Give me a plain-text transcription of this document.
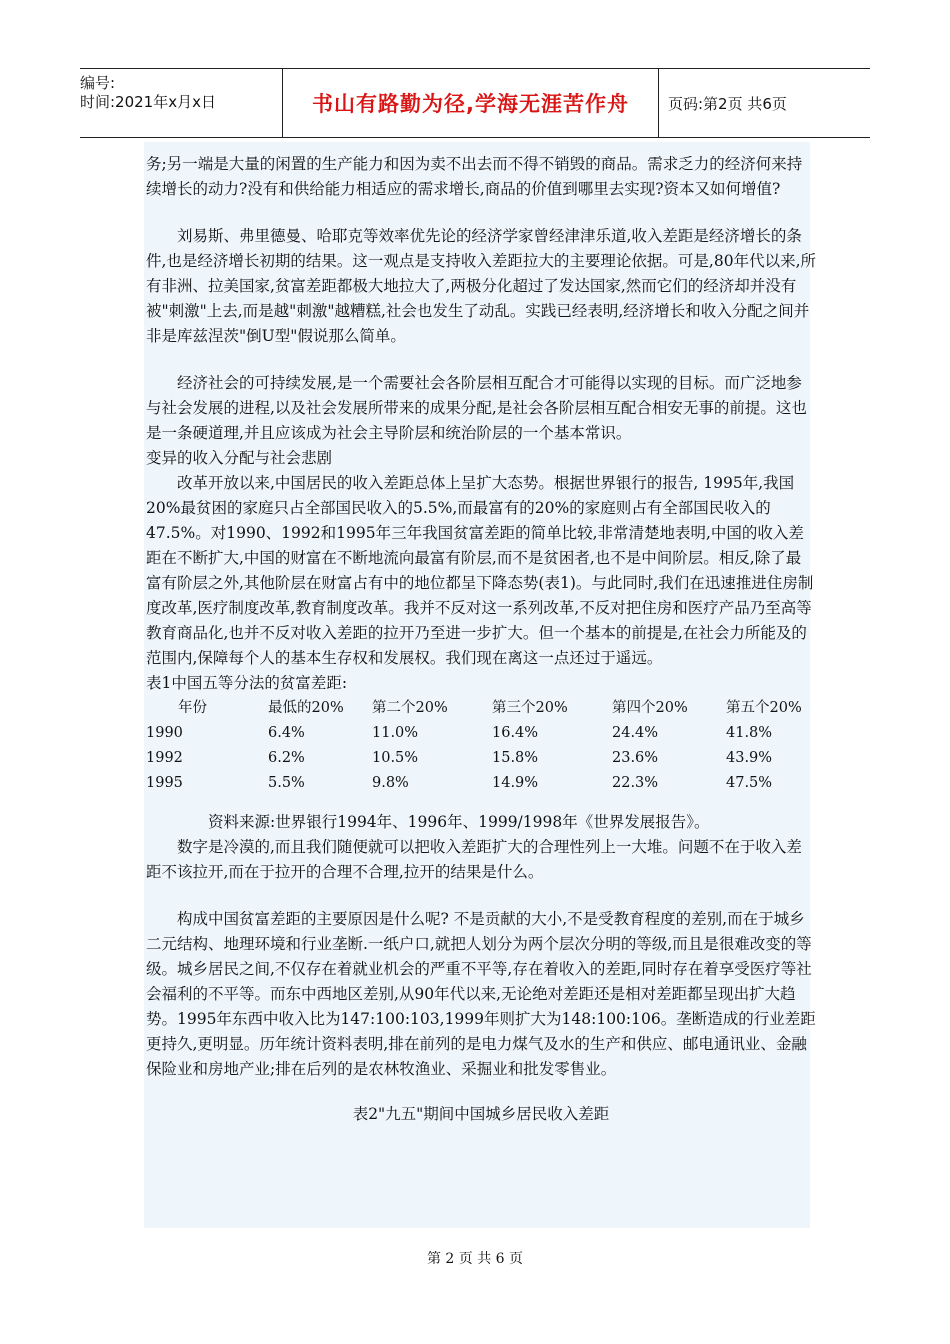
编号:
时间:2021年x月x日	书山有路勤为径,学海无涯苦作舟	页码:第2页 共6页

务;另一端是大量的闲置的生产能力和因为卖不出去而不得不销毁的商品。需求乏力的经济何来持续增长的动力?没有和供给能力相适应的需求增长,商品的价值到哪里去实现?资本又如何增值?

刘易斯、弗里德曼、哈耶克等效率优先论的经济学家曾经津津乐道,收入差距是经济增长的条件,也是经济增长初期的结果。这一观点是支持收入差距拉大的主要理论依据。可是,80年代以来,所有非洲、拉美国家,贫富差距都极大地拉大了,两极分化超过了发达国家,然而它们的经济却并没有被"刺激"上去,而是越"刺激"越糟糕,社会也发生了动乱。实践已经表明,经济增长和收入分配之间并非是库兹涅茨"倒U型"假说那么简单。

经济社会的可持续发展,是一个需要社会各阶层相互配合才可能得以实现的目标。而广泛地参与社会发展的进程,以及社会发展所带来的成果分配,是社会各阶层相互配合相安无事的前提。这也是一条硬道理,并且应该成为社会主导阶层和统治阶层的一个基本常识。

变异的收入分配与社会悲剧

改革开放以来,中国居民的收入差距总体上呈扩大态势。根据世界银行的报告, 1995年,我国20%最贫困的家庭只占全部国民收入的5.5%,而最富有的20%的家庭则占有全部国民收入的47.5%。对1990、1992和1995年三年我国贫富差距的简单比较,非常清楚地表明,中国的收入差距在不断扩大,中国的财富在不断地流向最富有阶层,而不是贫困者,也不是中间阶层。相反,除了最富有阶层之外,其他阶层在财富占有中的地位都呈下降态势(表1)。与此同时,我们在迅速推进住房制度改革,医疗制度改革,教育制度改革。我并不反对这一系列改革,不反对把住房和医疗产品乃至高等教育商品化,也并不反对收入差距的拉开乃至进一步扩大。但一个基本的前提是,在社会力所能及的范围内,保障每个人的基本生存权和发展权。我们现在离这一点还过于遥远。

表1中国五等分法的贫富差距:

年份	最低的20%	第二个20%	第三个20%	第四个20%	第五个20%
1990	6.4%	11.0%	16.4%	24.4%	41.8%
1992	6.2%	10.5%	15.8%	23.6%	43.9%
1995	5.5%	9.8%	14.9%	22.3%	47.5%

资料来源:世界银行1994年、1996年、1999/1998年《世界发展报告》。

数字是冷漠的,而且我们随便就可以把收入差距扩大的合理性列上一大堆。问题不在于收入差距不该拉开,而在于拉开的合理不合理,拉开的结果是什么。

构成中国贫富差距的主要原因是什么呢? 不是贡献的大小,不是受教育程度的差别,而在于城乡二元结构、地理环境和行业垄断.一纸户口,就把人划分为两个层次分明的等级,而且是很难改变的等级。城乡居民之间,不仅存在着就业机会的严重不平等,存在着收入的差距,同时存在着享受医疗等社会福利的不平等。而东中西地区差别,从90年代以来,无论绝对差距还是相对差距都呈现出扩大趋势。1995年东西中收入比为147:100:103,1999年则扩大为148:100:106。垄断造成的行业差距更持久,更明显。历年统计资料表明,排在前列的是电力煤气及水的生产和供应、邮电通讯业、金融保险业和房地产业;排在后列的是农林牧渔业、采掘业和批发零售业。

表2"九五"期间中国城乡居民收入差距

第 2 页 共 6 页
